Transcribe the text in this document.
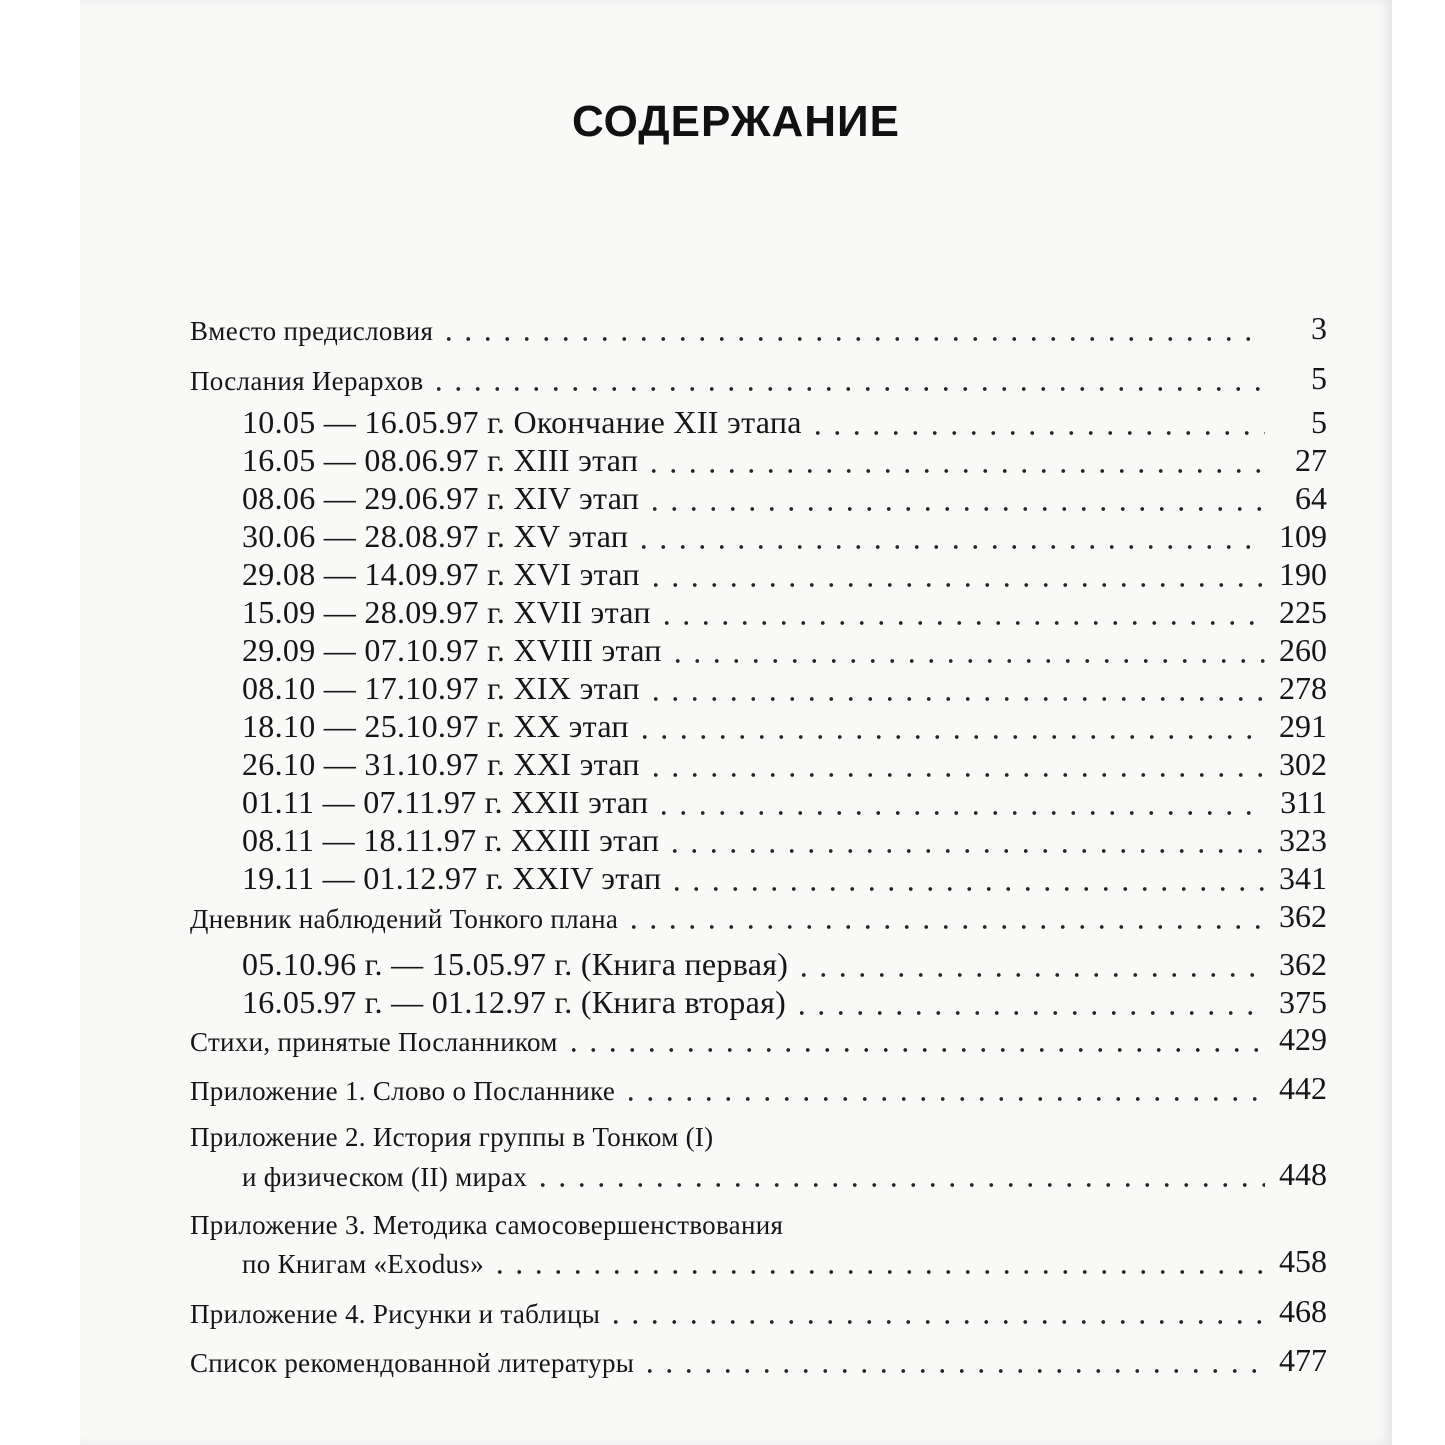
СОДЕРЖАНИЕ
Вместо предисловия	3
Послания Иерархов	5
10.05 — 16.05.97 г. Окончание XII этапа	5
16.05 — 08.06.97 г. XIII этап	27
08.06 — 29.06.97 г. XIV этап	64
30.06 — 28.08.97 г. XV этап	109
29.08 — 14.09.97 г. XVI этап	190
15.09 — 28.09.97 г. XVII этап	225
29.09 — 07.10.97 г. XVIII этап	260
08.10 — 17.10.97 г. XIX этап	278
18.10 — 25.10.97 г. XX этап	291
26.10 — 31.10.97 г. XXI этап	302
01.11 — 07.11.97 г. XXII этап	311
08.11 — 18.11.97 г. XXIII этап	323
19.11 — 01.12.97 г. XXIV этап	341
Дневник наблюдений Тонкого плана	362
05.10.96 г. — 15.05.97 г. (Книга первая)	362
16.05.97 г. — 01.12.97 г. (Книга вторая)	375
Стихи, принятые Посланником	429
Приложение 1. Слово о Посланнике	442
Приложение 2. История группы в Тонком (I)
и физическом (II) мирах	448
Приложение 3. Методика самосовершенствования
по Книгам «Exodus»	458
Приложение 4. Рисунки и таблицы	468
Список рекомендованной литературы	477
